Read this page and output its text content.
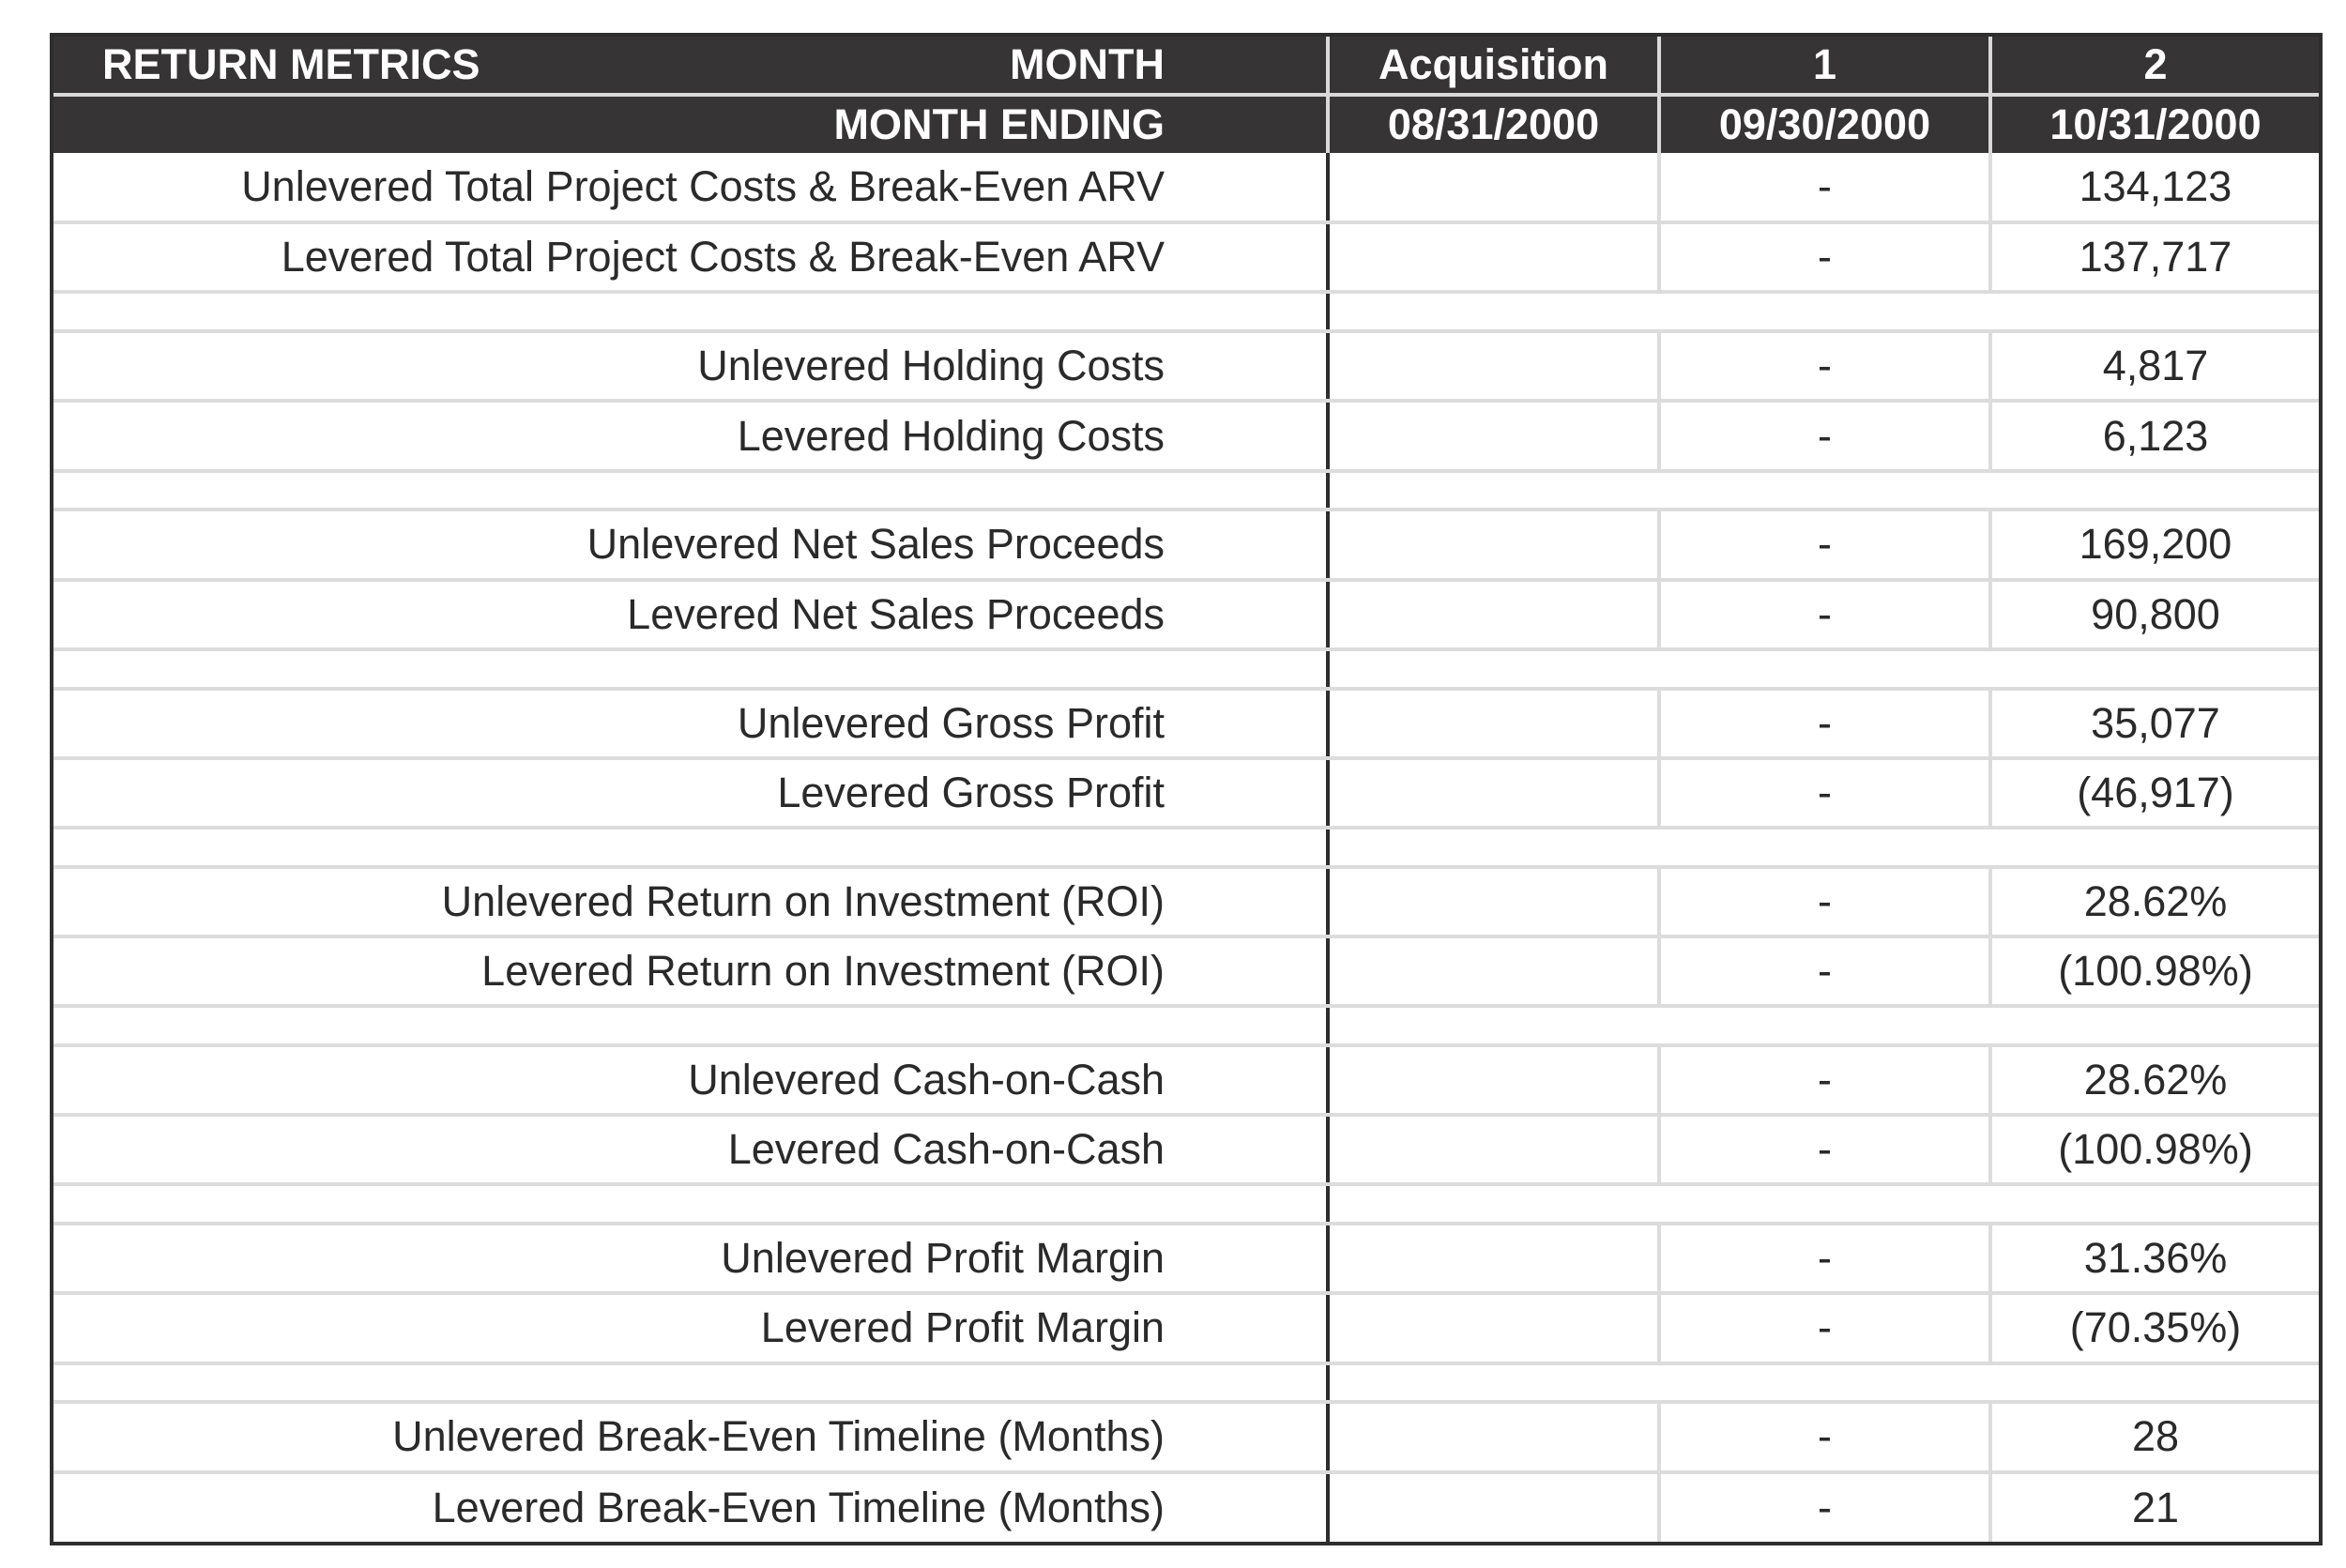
RETURN METRICS MONTH	Acquisition	1	2
MONTH ENDING	08/31/2000	09/30/2000	10/31/2000
Unlevered Total Project Costs & Break-Even ARV		-	134,123
Levered Total Project Costs & Break-Even ARV		-	137,717

Unlevered Holding Costs		-	4,817
Levered Holding Costs		-	6,123

Unlevered Net Sales Proceeds		-	169,200
Levered Net Sales Proceeds		-	90,800

Unlevered Gross Profit		-	35,077
Levered Gross Profit		-	(46,917)

Unlevered Return on Investment (ROI)		-	28.62%
Levered Return on Investment (ROI)		-	(100.98%)

Unlevered Cash-on-Cash		-	28.62%
Levered Cash-on-Cash		-	(100.98%)

Unlevered Profit Margin		-	31.36%
Levered Profit Margin		-	(70.35%)

Unlevered Break-Even Timeline (Months)		-	28
Levered Break-Even Timeline (Months)		-	21
